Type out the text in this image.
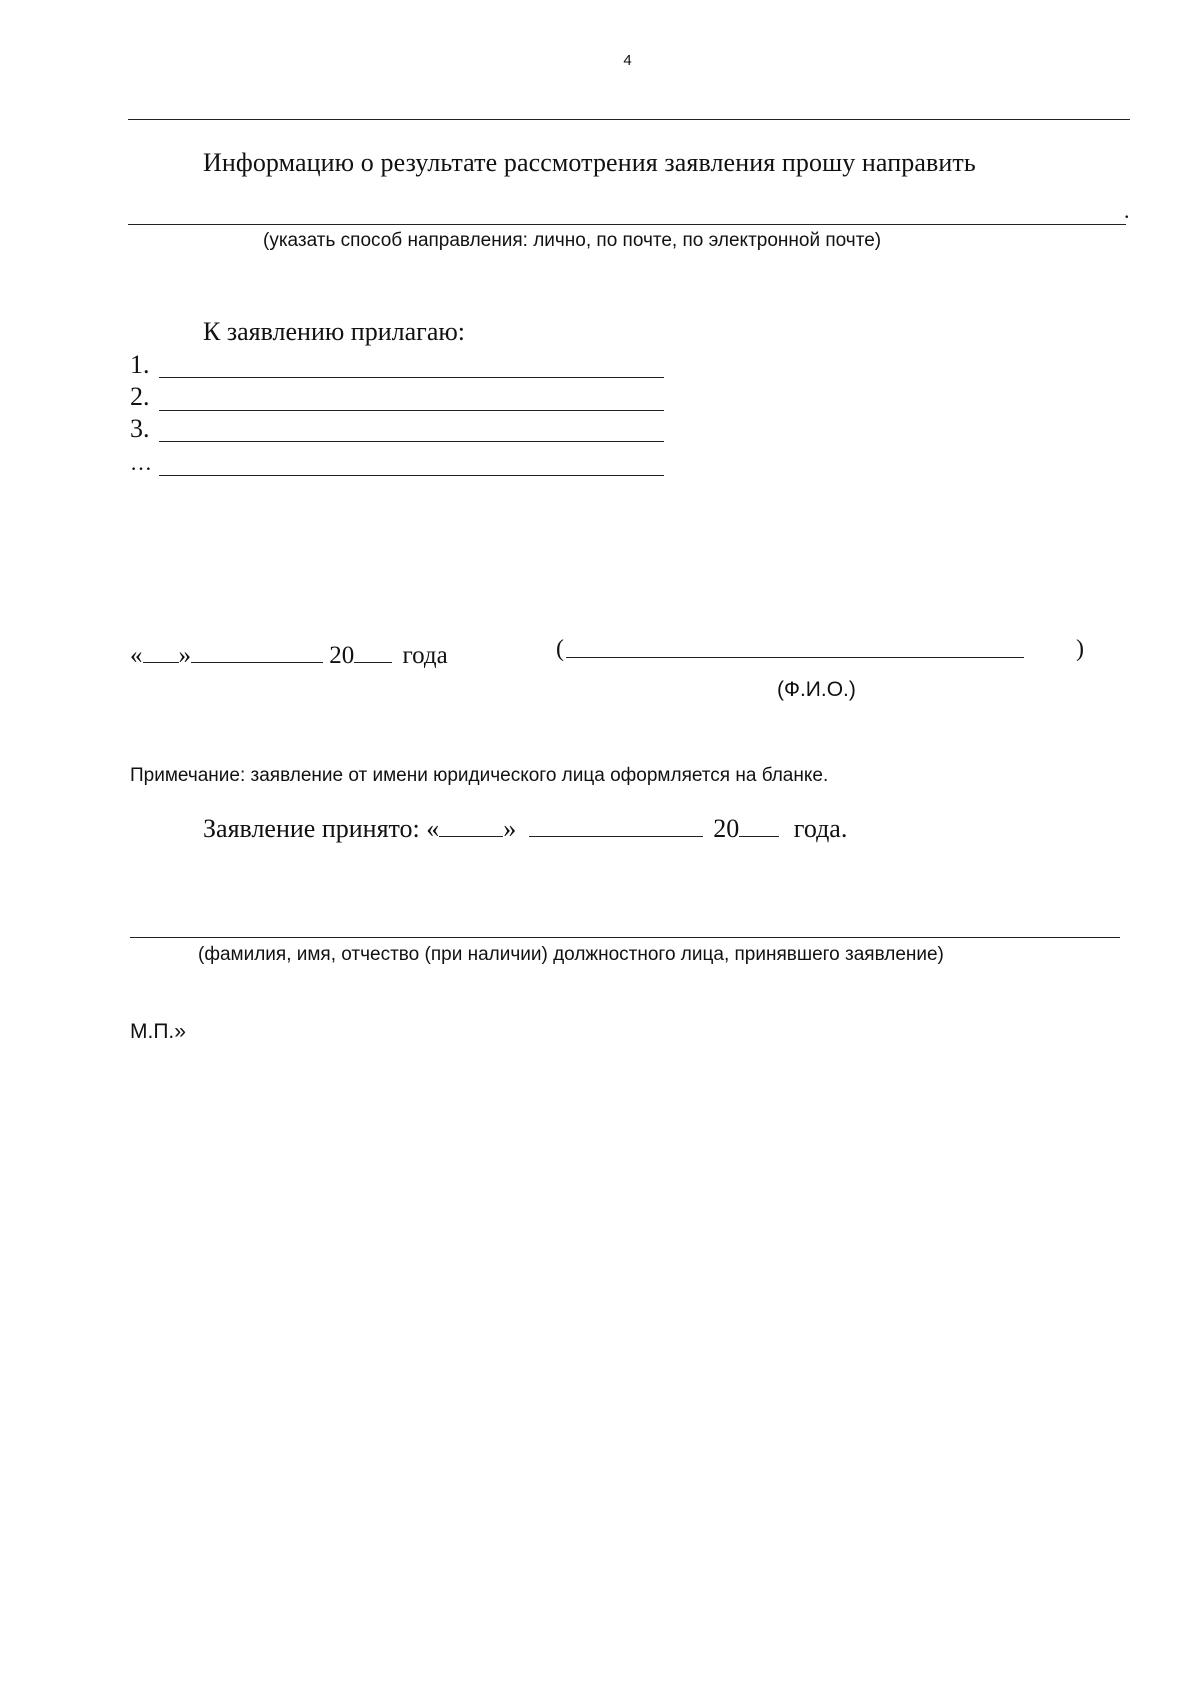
4
Информацию о результате рассмотрения заявления прошу направить
.
(указать способ направления: лично, по почте, по электронной почте)
К заявлению прилагаю:
1.
2.
3.
…
« »	20 года	(	)
(Ф.И.О.)
Примечание: заявление от имени юридического лица оформляется на бланке.
Заявление принято: « »	20 года.
(фамилия, имя, отчество (при наличии) должностного лица, принявшего заявление)
М.П.»
